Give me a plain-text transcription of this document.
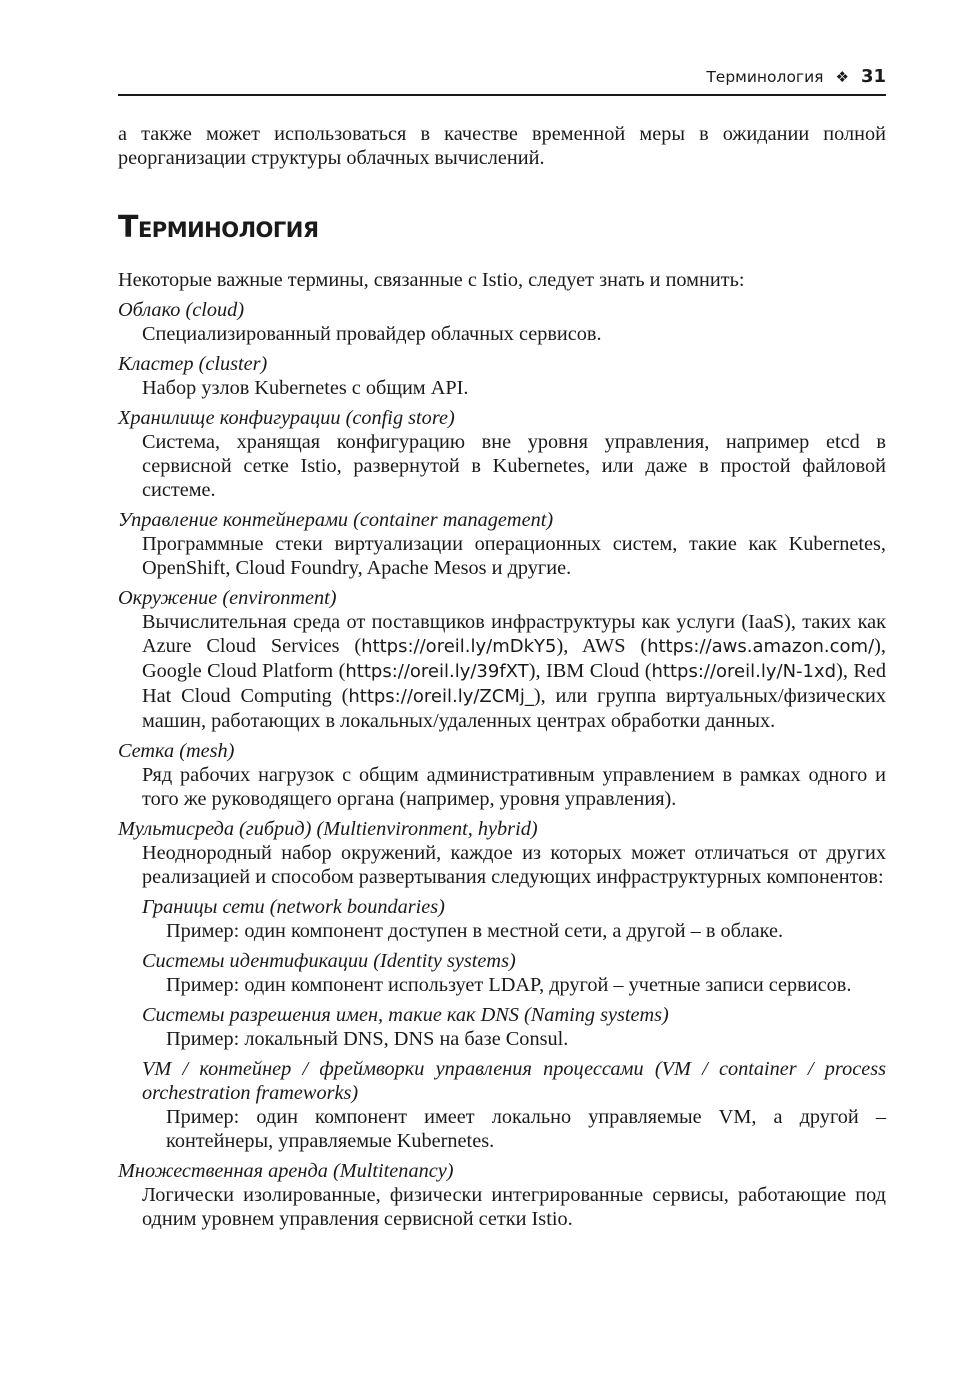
Терминология ❖ 31

а также может использоваться в качестве временной меры в ожидании полной реорганизации структуры облачных вычислений.

Терминология
Некоторые важные термины, связанные с Istio, следует знать и помнить:
Облако (cloud)
Специализированный провайдер облачных сервисов.
Кластер (cluster)
Набор узлов Kubernetes с общим API.
Хранилище конфигурации (config store)
Система, хранящая конфигурацию вне уровня управления, например etcd в сервисной сетке Istio, развернутой в Kubernetes, или даже в простой файловой системе.
Управление контейнерами (container management)
Программные стеки виртуализации операционных систем, такие как Kubernetes, OpenShift, Cloud Foundry, Apache Mesos и другие.
Окружение (environment)
Вычислительная среда от поставщиков инфраструктуры как услуги (IaaS), таких как Azure Cloud Services (https://oreil.ly/mDkY5), AWS (https://aws.amazon.com/), Google Cloud Platform (https://oreil.ly/39fXT), IBM Cloud (https://oreil.ly/N-1xd), Red Hat Cloud Computing (https://oreil.ly/ZCMj_), или группа виртуальных/физических машин, работающих в локальных/удаленных центрах обработки данных.
Сетка (mesh)
Ряд рабочих нагрузок с общим административным управлением в рамках одного и того же руководящего органа (например, уровня управления).
Мультисреда (гибрид) (Multienvironment, hybrid)
Неоднородный набор окружений, каждое из которых может отличаться от других реализацией и способом развертывания следующих инфраструктурных компонентов:
Границы сети (network boundaries)
Пример: один компонент доступен в местной сети, а другой – в облаке.
Системы идентификации (Identity systems)
Пример: один компонент использует LDAP, другой – учетные записи сервисов.
Системы разрешения имен, такие как DNS (Naming systems)
Пример: локальный DNS, DNS на базе Consul.
VM / контейнер / фреймворки управления процессами (VM / container / process orchestration frameworks)
Пример: один компонент имеет локально управляемые VM, а другой – контейнеры, управляемые Kubernetes.
Множественная аренда (Multitenancy)
Логически изолированные, физически интегрированные сервисы, работающие под одним уровнем управления сервисной сетки Istio.
